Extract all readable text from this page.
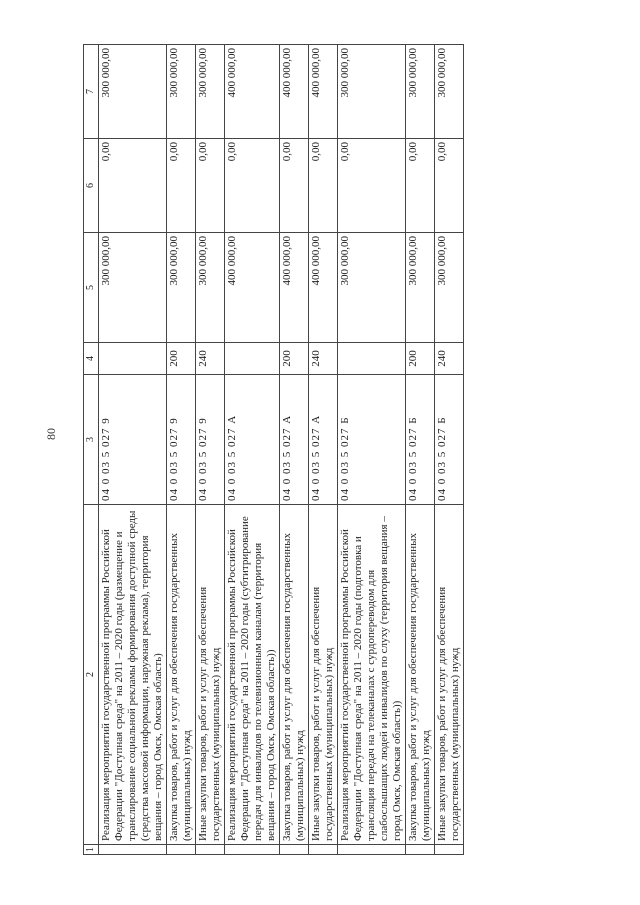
80
1	2	3	4	5	6	7
	Реализация мероприятий государственной программы Российской Федерации "Доступная среда" на 2011 – 2020 годы (размещение и транслирование социальной рекламы формирования доступной среды (средства массовой информации, наружная реклама), территория вещания – город Омск, Омская область)	04 0 03 5 027 9		300 000,00	0,00	300 000,00
	Закупка товаров, работ и услуг для обеспечения государственных (муниципальных) нужд	04 0 03 5 027 9	200	300 000,00	0,00	300 000,00
	Иные закупки товаров, работ и услуг для обеспечения государственных (муниципальных) нужд	04 0 03 5 027 9	240	300 000,00	0,00	300 000,00
	Реализация мероприятий государственной программы Российской Федерации "Доступная среда" на 2011 – 2020 годы (субтитрирование передач для инвалидов по телевизионным каналам (территория вещания – город Омск, Омская область))	04 0 03 5 027 А		400 000,00	0,00	400 000,00
	Закупка товаров, работ и услуг для обеспечения государственных (муниципальных) нужд	04 0 03 5 027 А	200	400 000,00	0,00	400 000,00
	Иные закупки товаров, работ и услуг для обеспечения государственных (муниципальных) нужд	04 0 03 5 027 А	240	400 000,00	0,00	400 000,00
	Реализация мероприятий государственной программы Российской Федерации "Доступная среда" на 2011 – 2020 годы (подготовка и трансляция передач на телеканалах с сурдопереводом для слабослышащих людей и инвалидов по слуху (территория вещания – город Омск, Омская область))	04 0 03 5 027 Б		300 000,00	0,00	300 000,00
	Закупка товаров, работ и услуг для обеспечения государственных (муниципальных) нужд	04 0 03 5 027 Б	200	300 000,00	0,00	300 000,00
	Иные закупки товаров, работ и услуг для обеспечения государственных (муниципальных) нужд	04 0 03 5 027 Б	240	300 000,00	0,00	300 000,00
